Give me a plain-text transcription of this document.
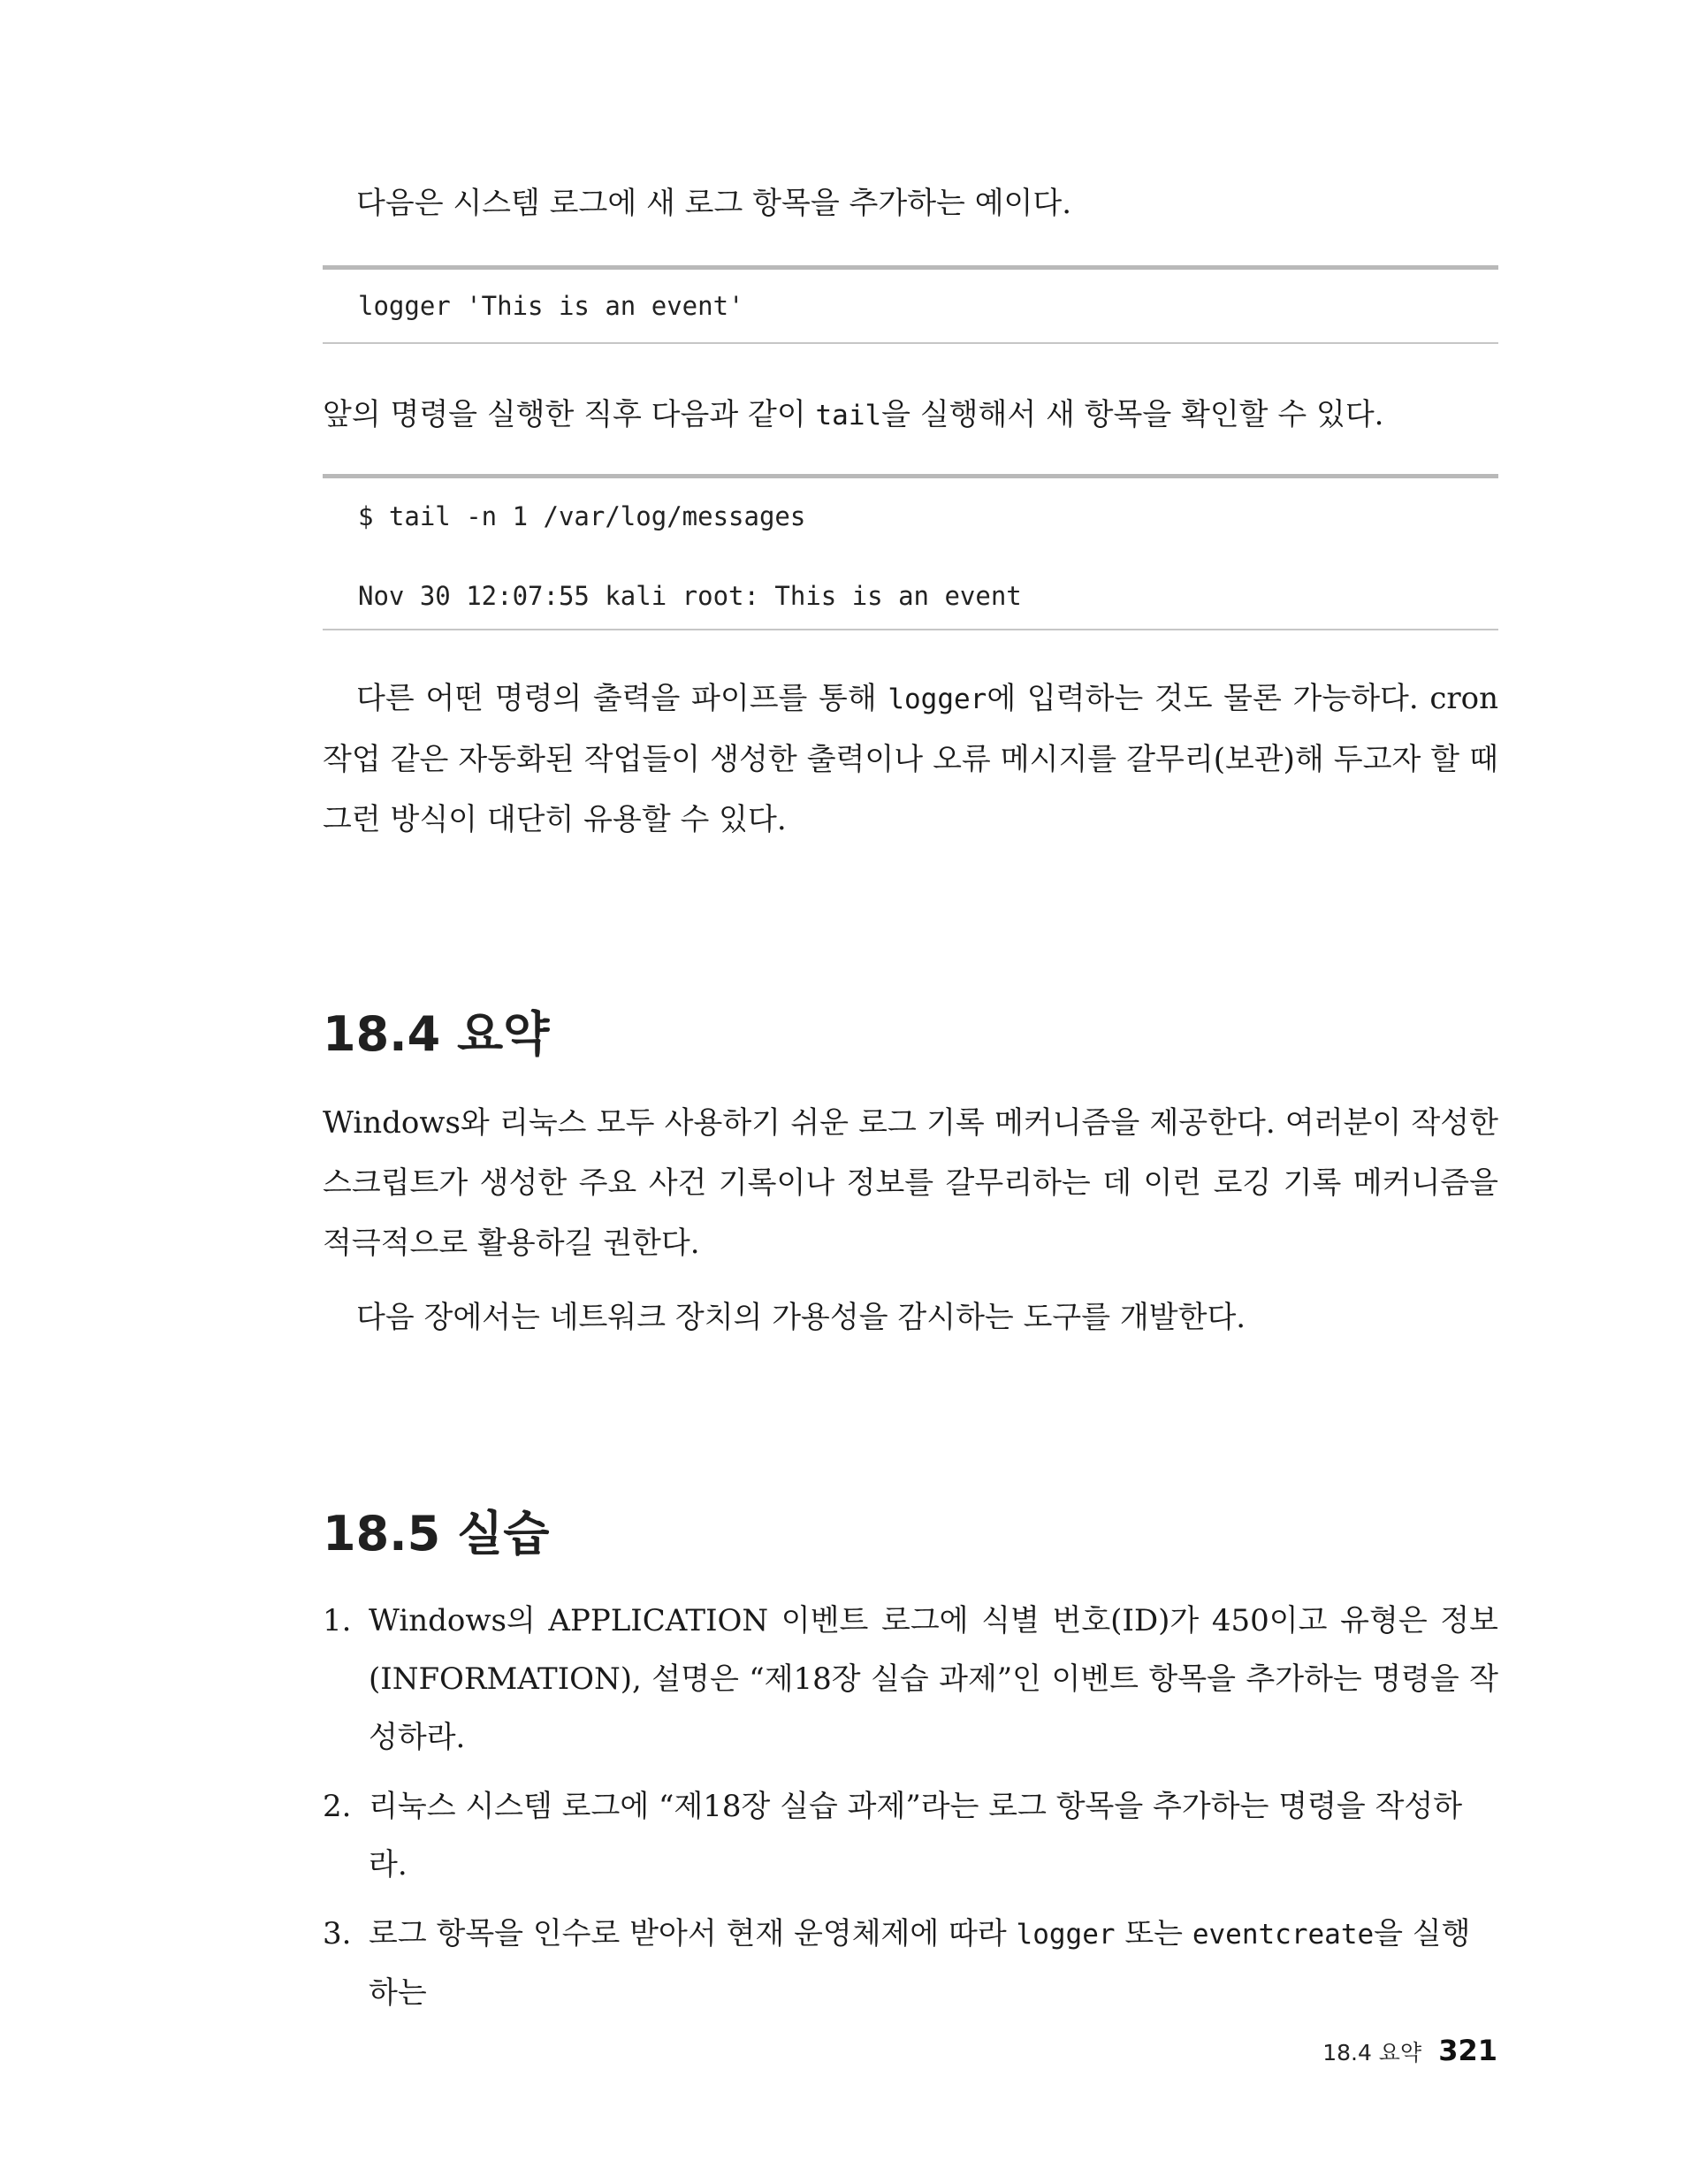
다음은 시스템 로그에 새 로그 항목을 추가하는 예이다.

logger 'This is an event'

앞의 명령을 실행한 직후 다음과 같이 tail을 실행해서 새 항목을 확인할 수 있다.

$ tail -n 1 /var/log/messages
Nov 30 12:07:55 kali root: This is an event

다른 어떤 명령의 출력을 파이프를 통해 logger에 입력하는 것도 물론 가능하다. cron 작업 같은 자동화된 작업들이 생성한 출력이나 오류 메시지를 갈무리(보관)해 두고자 할 때 그런 방식이 대단히 유용할 수 있다.

18.4 요약

Windows와 리눅스 모두 사용하기 쉬운 로그 기록 메커니즘을 제공한다. 여러분이 작성한 스크립트가 생성한 주요 사건 기록이나 정보를 갈무리하는 데 이런 로깅 기록 메커니즘을 적극적으로 활용하길 권한다.

다음 장에서는 네트워크 장치의 가용성을 감시하는 도구를 개발한다.

18.5 실습
1. Windows의 APPLICATION 이벤트 로그에 식별 번호(ID)가 450이고 유형은 정보(INFORMATION), 설명은 “제18장 실습 과제”인 이벤트 항목을 추가하는 명령을 작성하라.
2. 리눅스 시스템 로그에 “제18장 실습 과제”라는 로그 항목을 추가하는 명령을 작성하라.
3. 로그 항목을 인수로 받아서 현재 운영체제에 따라 logger 또는 eventcreate을 실행하는
18.4 요약 321
